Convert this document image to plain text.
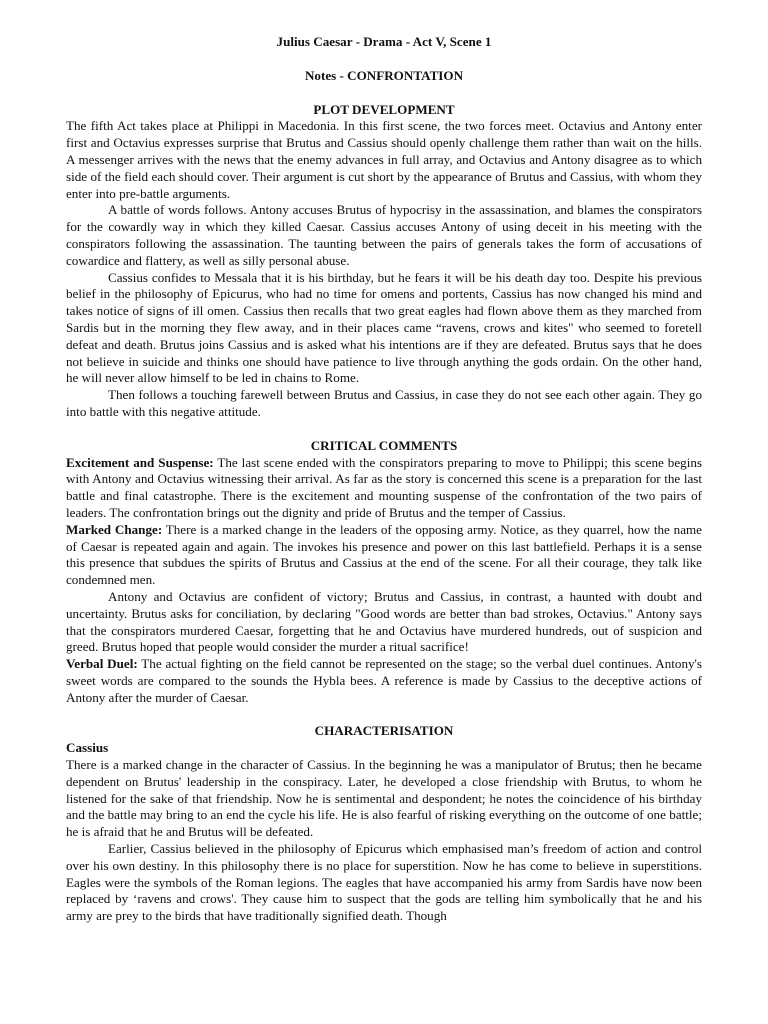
Julius Caesar - Drama - Act V, Scene 1

Notes - CONFRONTATION

PLOT DEVELOPMENT

The fifth Act takes place at Philippi in Macedonia. In this first scene, the two forces meet. Octavius and Antony enter first and Octavius expresses surprise that Brutus and Cassius should openly challenge them rather than wait on the hills. A messenger arrives with the news that the enemy advances in full array, and Octavius and Antony disagree as to which side of the field each should cover. Their argument is cut short by the appearance of Brutus and Cassius, with whom they enter into pre-battle arguments.

A battle of words follows. Antony accuses Brutus of hypocrisy in the assassination, and blames the conspirators for the cowardly way in which they killed Caesar. Cassius accuses Antony of using deceit in his meeting with the conspirators following the assassination. The taunting between the pairs of generals takes the form of accusations of cowardice and flattery, as well as silly personal abuse.

Cassius confides to Messala that it is his birthday, but he fears it will be his death day too. Despite his previous belief in the philosophy of Epicurus, who had no time for omens and portents, Cassius has now changed his mind and takes notice of signs of ill omen. Cassius then recalls that two great eagles had flown above them as they marched from Sardis but in the morning they flew away, and in their places came “ravens, crows and kites" who seemed to foretell defeat and death. Brutus joins Cassius and is asked what his intentions are if they are defeated. Brutus says that he does not believe in suicide and thinks one should have patience to live through anything the gods ordain. On the other hand, he will never allow himself to be led in chains to Rome.

Then follows a touching farewell between Brutus and Cassius, in case they do not see each other again. They go into battle with this negative attitude.

CRITICAL COMMENTS

Excitement and Suspense: The last scene ended with the conspirators preparing to move to Philippi; this scene begins with Antony and Octavius witnessing their arrival. As far as the story is concerned this scene is a preparation for the last battle and final catastrophe. There is the excitement and mounting suspense of the confrontation of the two pairs of leaders. The confrontation brings out the dignity and pride of Brutus and the temper of Cassius.

Marked Change: There is a marked change in the leaders of the opposing army. Notice, as they quarrel, how the name of Caesar is repeated again and again. The invokes his presence and power on this last battlefield. Perhaps it is a sense this presence that subdues the spirits of Brutus and Cassius at the end of the scene. For all their courage, they talk like condemned men.

Antony and Octavius are confident of victory; Brutus and Cassius, in contrast, a haunted with doubt and uncertainty. Brutus asks for conciliation, by declaring "Good words are better than bad strokes, Octavius." Antony says that the conspirators murdered Caesar, forgetting that he and Octavius have murdered hundreds, out of suspicion and greed. Brutus hoped that people would consider the murder a ritual sacrifice!

Verbal Duel: The actual fighting on the field cannot be represented on the stage; so the verbal duel continues. Antony's sweet words are compared to the sounds the Hybla bees. A reference is made by Cassius to the deceptive actions of Antony after the murder of Caesar.

CHARACTERISATION

Cassius

There is a marked change in the character of Cassius. In the beginning he was a manipulator of Brutus; then he became dependent on Brutus' leadership in the conspiracy. Later, he developed a close friendship with Brutus, to whom he listened for the sake of that friendship. Now he is sentimental and despondent; he notes the coincidence of his birthday and the battle may bring to an end the cycle his life. He is also fearful of risking everything on the outcome of one battle; he is afraid that he and Brutus will be defeated.

Earlier, Cassius believed in the philosophy of Epicurus which emphasised man’s freedom of action and control over his own destiny. In this philosophy there is no place for superstition. Now he has come to believe in superstitions. Eagles were the symbols of the Roman legions. The eagles that have accompanied his army from Sardis have now been replaced by ‘ravens and crows'. They cause him to suspect that the gods are telling him symbolically that he and his army are prey to the birds that have traditionally signified death. Though
